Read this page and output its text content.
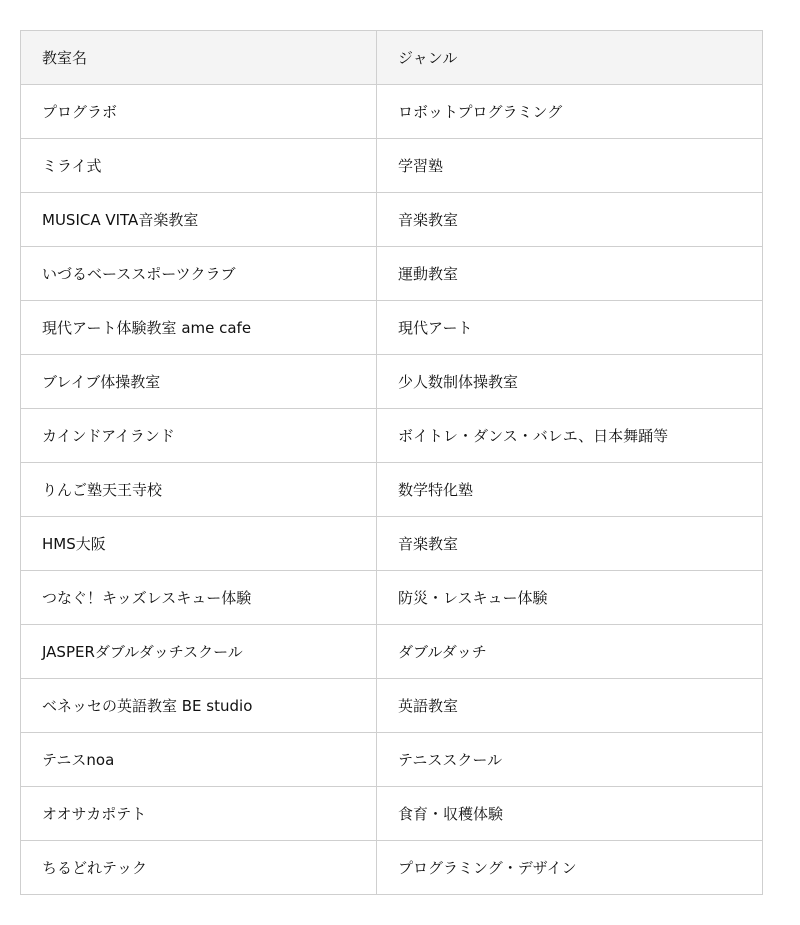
教室名	ジャンル
プログラボ	ロボットプログラミング
ミライ式	学習塾
MUSICA VITA音楽教室	音楽教室
いづるベーススポーツクラブ	運動教室
現代アート体験教室 ame cafe	現代アート
ブレイブ体操教室	少人数制体操教室
カインドアイランド	ボイトレ・ダンス・バレエ、日本舞踊等
りんご塾天王寺校	数学特化塾
HMS大阪	音楽教室
つなぐ！キッズレスキュー体験	防災・レスキュー体験
JASPERダブルダッチスクール	ダブルダッチ
ベネッセの英語教室 BE studio	英語教室
テニスnoa	テニススクール
オオサカポテト	食育・収穫体験
ちるどれテック	プログラミング・デザイン
